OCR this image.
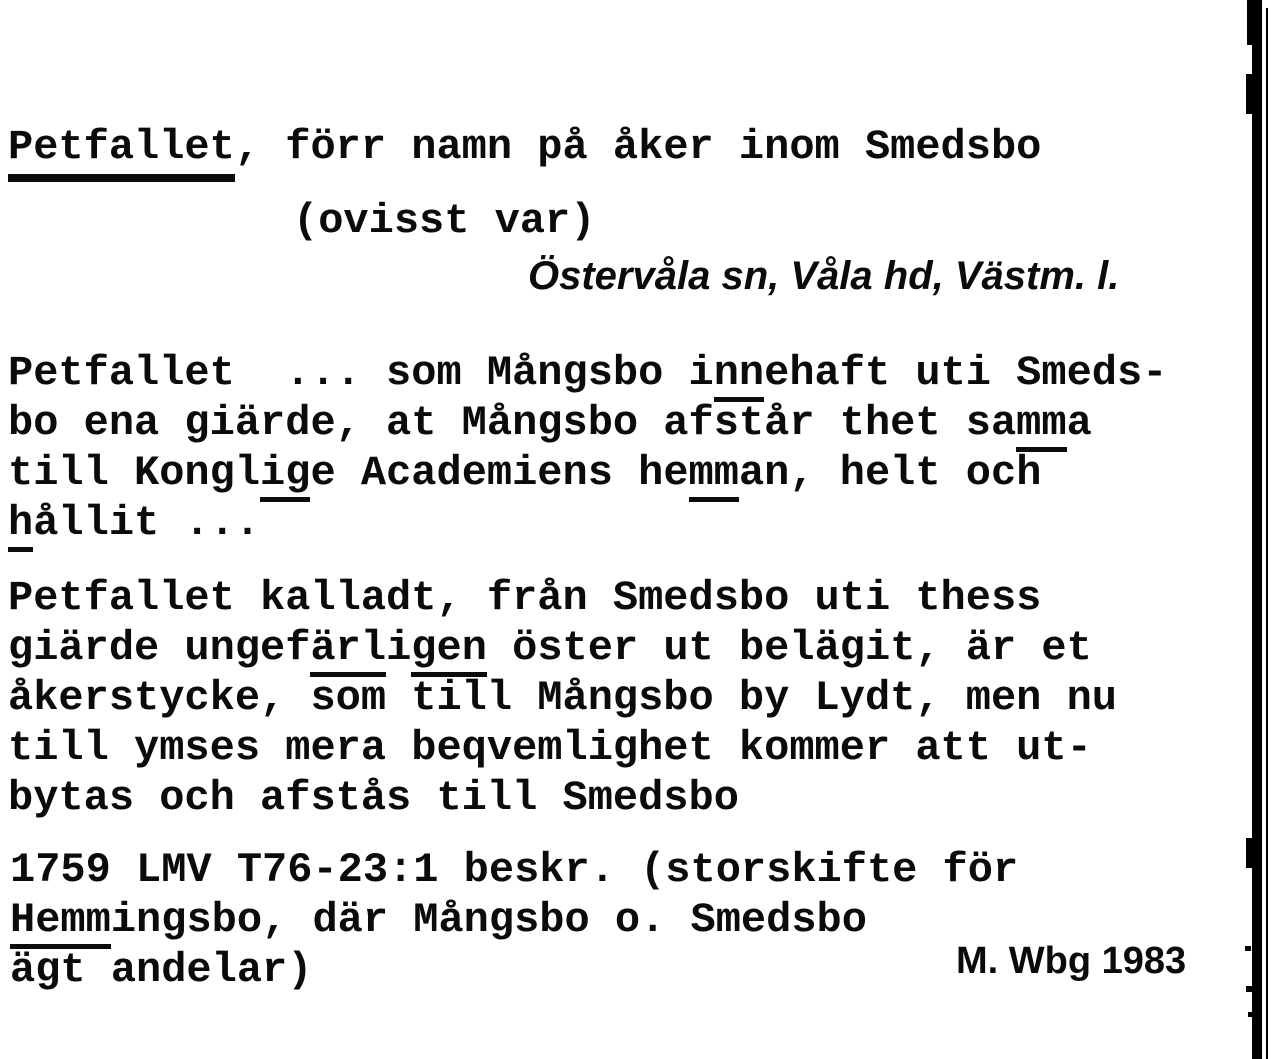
Petfallet, förr namn på åker inom Smedsbo
(ovisst var)
Östervåla sn, Våla hd, Västm. l.
Petfallet  ... som Mångsbo innehaft uti Smeds-
bo ena giärde, at Mångsbo afstår thet samma
till Konglige Academiens hemman, helt och
hållit ...
Petfallet kalladt, från Smedsbo uti thess
giärde ungefärligen öster ut belägit, är et
åkerstycke, som till Mångsbo by Lydt, men nu
till ymses mera beqvemlighet kommer att ut-
bytas och afstås till Smedsbo
1759 LMV T76-23:1 beskr. (storskifte för
Hemmingsbo, där Mångsbo o. Smedsbo
ägt andelar)	M. Wbg 1983
